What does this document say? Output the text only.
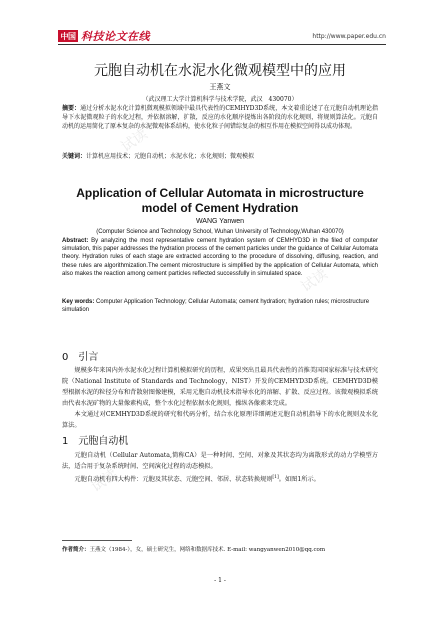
中国 科技论文在线	http://www.paper.edu.cn
试读
试读
试读
元胞自动机在水泥水化微观模型中的应用
王燕文
（武汉理工大学计算机科学与技术学院，武汉　430070）
摘要：通过分析水泥水化计算机微观模拟领域中最具代表性的CEMHYD3D系统，本文着重论述了在元胞自动机理论指导下水泥微观粒子的水化过程，并依据溶解，扩散，反应的水化顺序提炼出各阶段的水化规则，将规则算法化。元胞自动机的运用简化了原本复杂的水泥微观体系结构，使水化粒子间错综复杂的相互作用在模拟空间得以成功体现。
关键词：计算机应用技术；元胞自动机；水泥水化；水化规则；微观模拟
Application of Cellular Automata in microstructure model of Cement Hydration
WANG Yanwen
(Computer Science and Technology School, Wuhan University of Technology,Wuhan 430070)
Abstract: By analyzing the most representative cement hydration system of CEMHYD3D in the filed of computer simulation, this paper addresses the hydration process of the cement particles under the guidance of Cellular Automata theory. Hydration rules of each stage are extracted according to the procedure of dissolving, diffusing, reaction, and these rules are algorithmization.The cement microstructure is simplified by the application of Cellular Automata, which also makes the reaction among cement particles reflected successfully in simulated space.
Key words: Computer Application Technology; Cellular Automata; cement hydration; hydration rules; microstructure simulation
0　引言

规模多年来国内外水泥水化过程计算机模拟研究的历程，成果突出且最具代表性的首推美国国家标准与技术研究院（National Institute of Standards and Technology，NIST）开发的CEMHYD3D系统。CEMHYD3D模型根据水泥的粒径分布和背散射图像建模，采用元胞自动机技术指导水化的溶解、扩散、反应过程。该微观模拟系统由代表水泥矿物的大量像素构成，整个水化过程依据水化规则，操纵各像素来完成。

本文通过对CEMHYD3D系统的研究和代码分析，结合水化原理详细阐述元胞自动机指导下的水化规则及水化算法。

1　元胞自动机

元胞自动机（Cellular Automata,简称CA）是一种时间、空间、对象及其状态均为离散形式的动力学模型方法，适合用于复杂系统时间、空间演化过程的动态模拟。

元胞自动机有四大构件：元胞及其状态、元胞空间、邻居、状态转换规则[1]。如图1所示。

作者简介：王燕文（1984-），女，硕士研究生，网络和数据库技术. E-mail: wangyanwen2010@qq.com
- 1 -
